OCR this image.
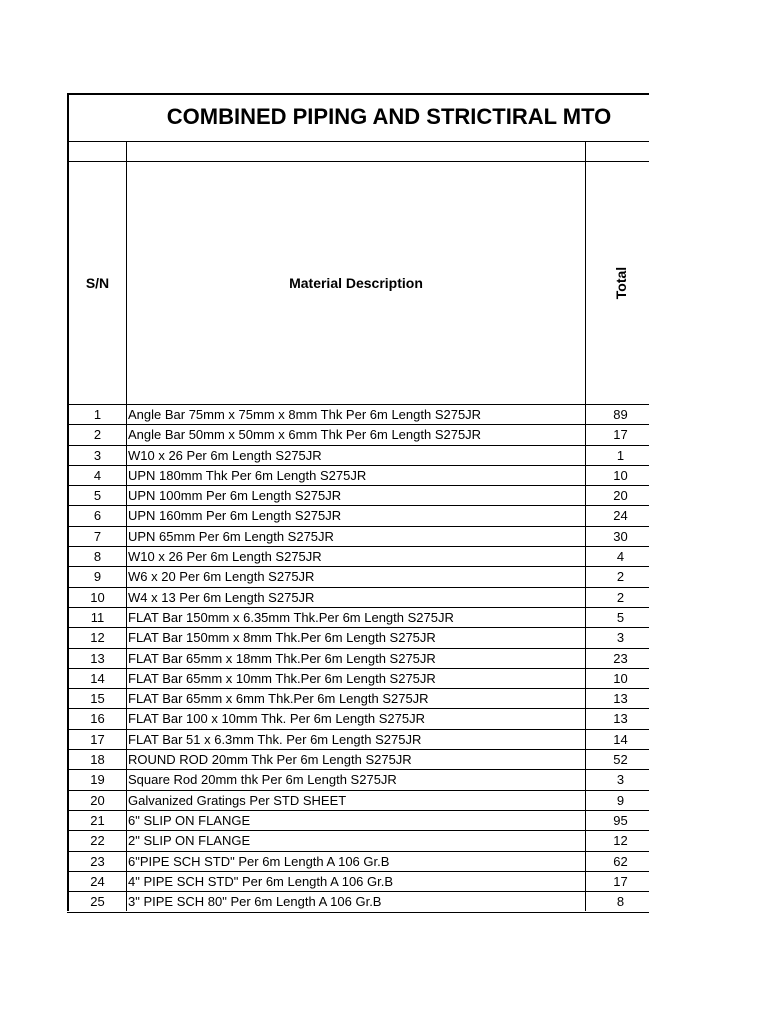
COMBINED PIPING AND STRICTIRAL MTO
S/N	Material Description	Total
1	Angle Bar 75mm x 75mm x 8mm Thk Per 6m Length S275JR	89
2	Angle Bar 50mm x 50mm x 6mm Thk Per 6m Length S275JR	17
3	W10 x 26 Per 6m Length S275JR	1
4	UPN 180mm Thk Per 6m Length S275JR	10
5	UPN 100mm Per 6m Length S275JR	20
6	UPN 160mm Per 6m Length S275JR	24
7	UPN 65mm Per 6m Length S275JR	30
8	W10 x 26 Per 6m Length S275JR	4
9	W6 x 20 Per 6m Length S275JR	2
10	W4 x 13 Per 6m Length S275JR	2
11	FLAT Bar 150mm x 6.35mm Thk.Per 6m Length S275JR	5
12	FLAT Bar 150mm x 8mm Thk.Per 6m Length S275JR	3
13	FLAT Bar 65mm x 18mm Thk.Per 6m Length S275JR	23
14	FLAT Bar 65mm x 10mm Thk.Per 6m Length S275JR	10
15	FLAT Bar 65mm x 6mm Thk.Per 6m Length S275JR	13
16	FLAT Bar 100 x 10mm Thk. Per 6m Length S275JR	13
17	FLAT Bar 51 x 6.3mm Thk. Per 6m Length S275JR	14
18	ROUND ROD 20mm Thk Per 6m Length S275JR	52
19	Square Rod 20mm thk Per 6m Length S275JR	3
20	Galvanized Gratings Per STD SHEET	9
21	6" SLIP ON FLANGE	95
22	2" SLIP ON FLANGE	12
23	6"PIPE SCH STD" Per 6m Length A 106 Gr.B	62
24	4" PIPE SCH STD" Per 6m Length A 106 Gr.B	17
25	3" PIPE SCH 80" Per 6m Length A 106 Gr.B	8
